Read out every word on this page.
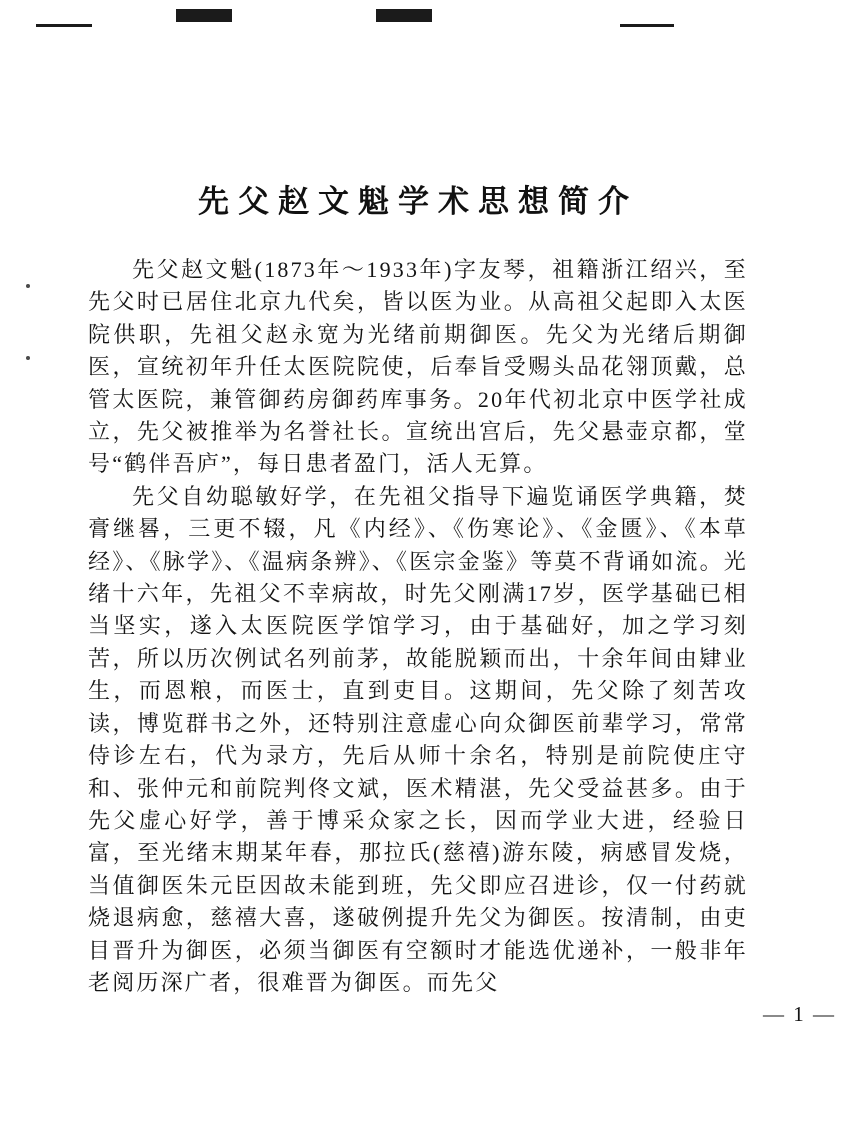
先父赵文魁学术思想简介

先父赵文魁(1873年～1933年)字友琴，祖籍浙江绍兴，至先父时已居住北京九代矣，皆以医为业。从高祖父起即入太医院供职，先祖父赵永宽为光绪前期御医。先父为光绪后期御医，宣统初年升任太医院院使，后奉旨受赐头品花翎顶戴，总管太医院，兼管御药房御药库事务。20年代初北京中医学社成立，先父被推举为名誉社长。宣统出宫后，先父悬壶京都，堂号“鹤伴吾庐”，每日患者盈门，活人无算。

先父自幼聪敏好学，在先祖父指导下遍览诵医学典籍，焚膏继晷，三更不辍，凡《内经》、《伤寒论》、《金匮》、《本草经》、《脉学》、《温病条辨》、《医宗金鉴》等莫不背诵如流。光绪十六年，先祖父不幸病故，时先父刚满17岁，医学基础已相当坚实，遂入太医院医学馆学习，由于基础好，加之学习刻苦，所以历次例试名列前茅，故能脱颖而出，十余年间由肄业生，而恩粮，而医士，直到吏目。这期间，先父除了刻苦攻读，博览群书之外，还特别注意虚心向众御医前辈学习，常常侍诊左右，代为录方，先后从师十余名，特别是前院使庄守和、张仲元和前院判佟文斌，医术精湛，先父受益甚多。由于先父虚心好学，善于博采众家之长，因而学业大进，经验日富，至光绪末期某年春，那拉氏(慈禧)游东陵，病感冒发烧，当值御医朱元臣因故未能到班，先父即应召进诊，仅一付药就烧退病愈，慈禧大喜，遂破例提升先父为御医。按清制，由吏目晋升为御医，必须当御医有空额时才能选优递补，一般非年老阅历深广者，很难晋为御医。而先父

— 1 —
